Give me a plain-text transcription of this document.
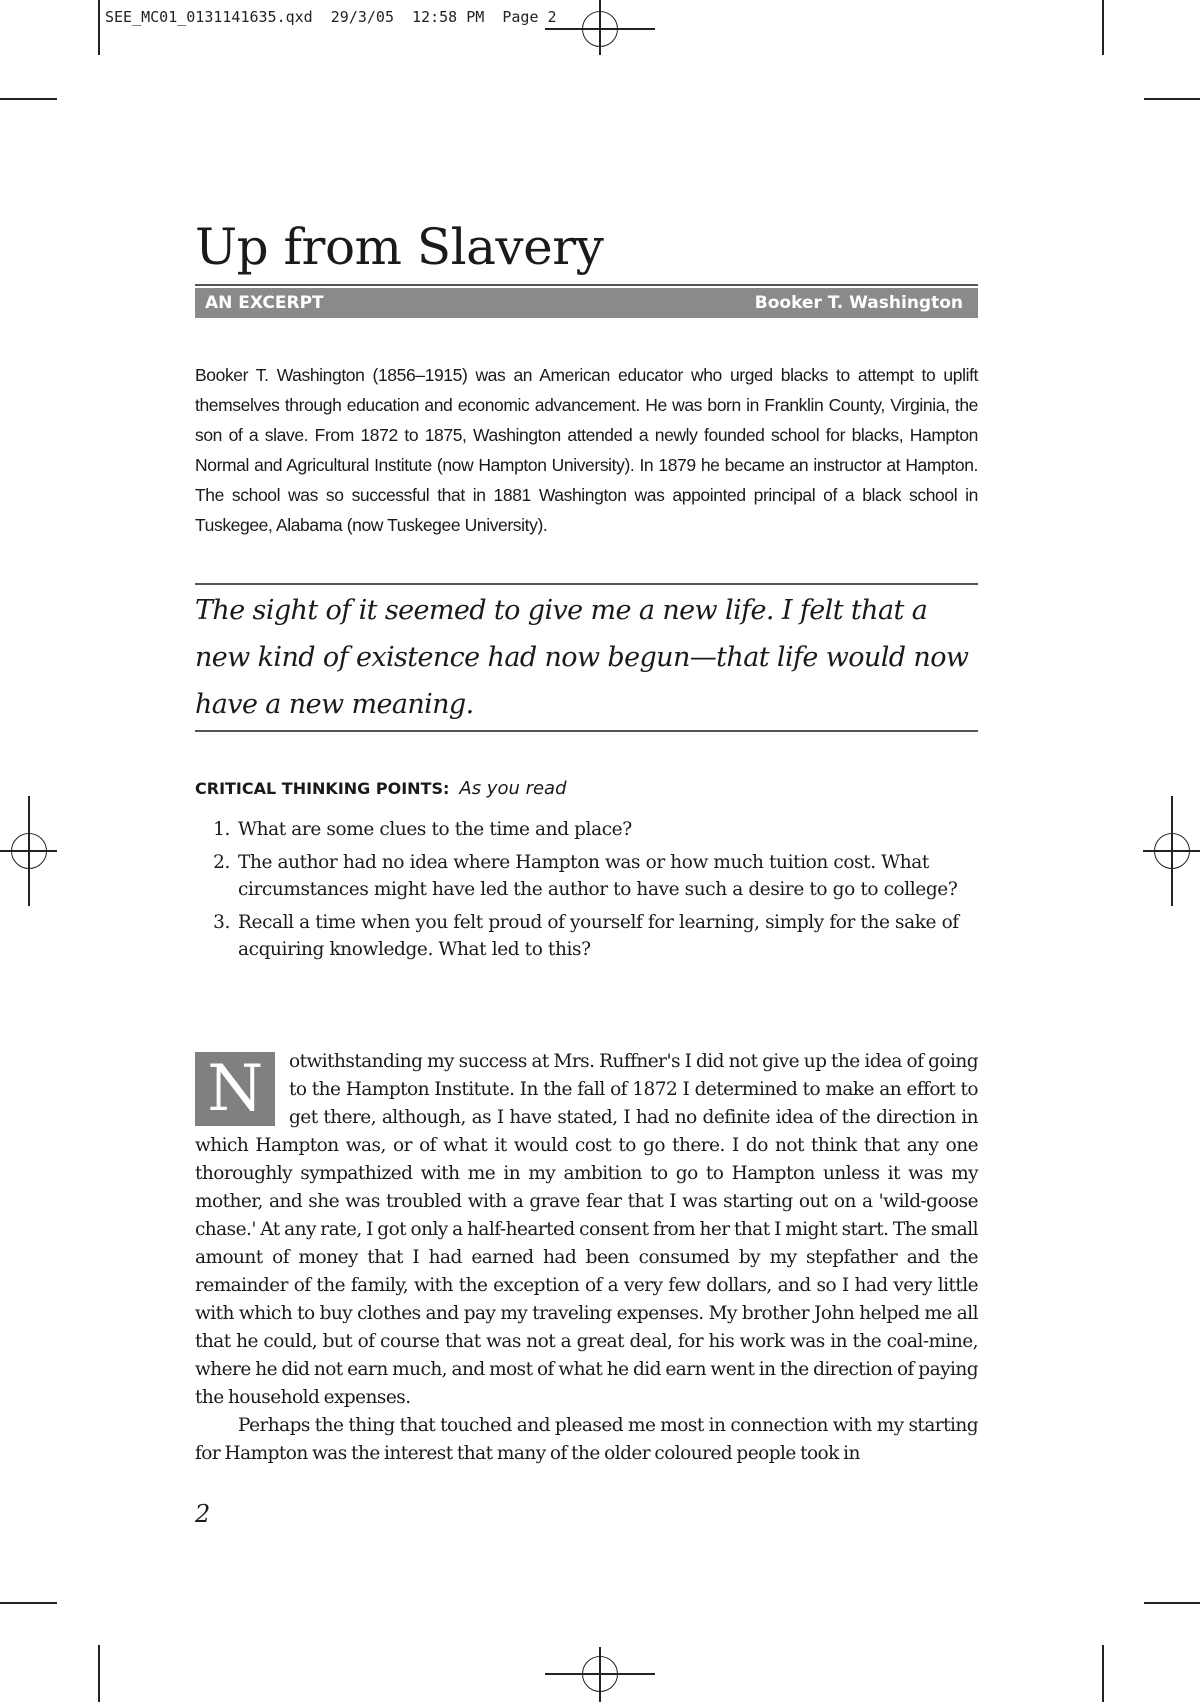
SEE_MC01_0131141635.qxd  29/3/05  12:58 PM  Page 2
Up from Slavery
AN EXCERPT	Booker T. Washington

Booker T. Washington (1856–1915) was an American educator who urged blacks to attempt to uplift themselves through education and economic advancement. He was born in Franklin County, Virginia, the son of a slave. From 1872 to 1875, Washington attended a newly founded school for blacks, Hampton Normal and Agricultural Institute (now Hampton University). In 1879 he became an instructor at Hampton. The school was so successful that in 1881 Washington was appointed principal of a black school in Tuskegee, Alabama (now Tuskegee University).

The sight of it seemed to give me a new life. I felt that a new kind of existence had now begun—that life would now have a new meaning.

CRITICAL THINKING POINTS: As you read
1. What are some clues to the time and place?
2. The author had no idea where Hampton was or how much tuition cost. What circumstances might have led the author to have such a desire to go to college?
3. Recall a time when you felt proud of yourself for learning, simply for the sake of acquiring knowledge. What led to this?

N	otwithstanding my success at Mrs. Ruffner's I did not give up the idea of going to the Hampton Institute. In the fall of 1872 I determined to make an effort to get there, although, as I have stated, I had no definite idea of the direction in which Hampton was, or of what it would cost to go there. I do not think that any one thoroughly sympathized with me in my ambition to go to Hampton unless it was my mother, and she was troubled with a grave fear that I was starting out on a 'wild-goose chase.' At any rate, I got only a half-hearted consent from her that I might start. The small amount of money that I had earned had been consumed by my stepfather and the remainder of the family, with the exception of a very few dollars, and so I had very little with which to buy clothes and pay my traveling expenses. My brother John helped me all that he could, but of course that was not a great deal, for his work was in the coal-mine, where he did not earn much, and most of what he did earn went in the direction of paying the household expenses.

Perhaps the thing that touched and pleased me most in connection with my starting for Hampton was the interest that many of the older coloured people took in

2
